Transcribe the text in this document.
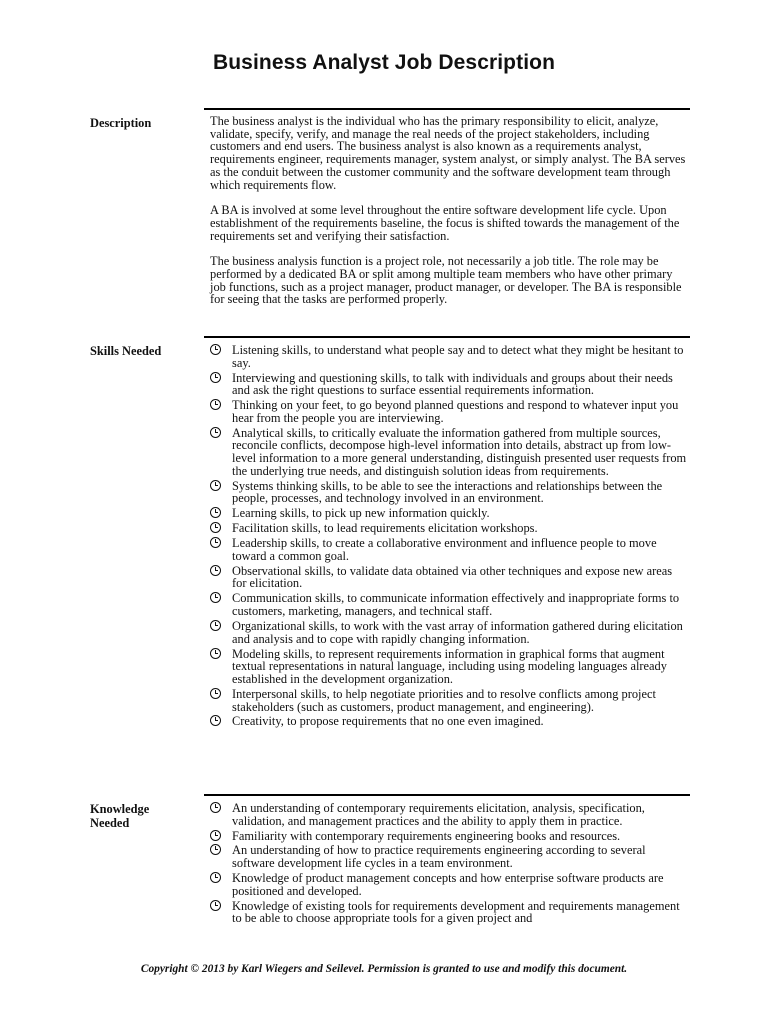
Business Analyst Job Description
Description	The business analyst is the individual who has the primary responsibility to elicit, analyze, validate, specify, verify, and manage the real needs of the project stakeholders, including customers and end users. The business analyst is also known as a requirements analyst, requirements engineer, requirements manager, system analyst, or simply analyst. The BA serves as the conduit between the customer community and the software development team through which requirements flow.

A BA is involved at some level throughout the entire software development life cycle. Upon establishment of the requirements baseline, the focus is shifted towards the management of the requirements set and verifying their satisfaction.

The business analysis function is a project role, not necessarily a job title. The role may be performed by a dedicated BA or split among multiple team members who have other primary job functions, such as a project manager, product manager, or developer. The BA is responsible for seeing that the tasks are performed properly.

Skills Needed	Listening skills, to understand what people say and to detect what they might be hesitant to say.
Interviewing and questioning skills, to talk with individuals and groups about their needs and ask the right questions to surface essential requirements information.
Thinking on your feet, to go beyond planned questions and respond to whatever input you hear from the people you are interviewing.
Analytical skills, to critically evaluate the information gathered from multiple sources, reconcile conflicts, decompose high-level information into details, abstract up from low-level information to a more general understanding, distinguish presented user requests from the underlying true needs, and distinguish solution ideas from requirements.
Systems thinking skills, to be able to see the interactions and relationships between the people, processes, and technology involved in an environment.
Learning skills, to pick up new information quickly.
Facilitation skills, to lead requirements elicitation workshops.
Leadership skills, to create a collaborative environment and influence people to move toward a common goal.
Observational skills, to validate data obtained via other techniques and expose new areas for elicitation.
Communication skills, to communicate information effectively and inappropriate forms to customers, marketing, managers, and technical staff.
Organizational skills, to work with the vast array of information gathered during elicitation and analysis and to cope with rapidly changing information.
Modeling skills, to represent requirements information in graphical forms that augment textual representations in natural language, including using modeling languages already established in the development organization.
Interpersonal skills, to help negotiate priorities and to resolve conflicts among project stakeholders (such as customers, product management, and engineering).
Creativity, to propose requirements that no one even imagined.
Knowledge
Needed
An understanding of contemporary requirements elicitation, analysis, specification, validation, and management practices and the ability to apply them in practice.
Familiarity with contemporary requirements engineering books and resources.
An understanding of how to practice requirements engineering according to several software development life cycles in a team environment.
Knowledge of product management concepts and how enterprise software products are positioned and developed.
Knowledge of existing tools for requirements development and requirements management to be able to choose appropriate tools for a given project and
Copyright © 2013 by Karl Wiegers and Seilevel. Permission is granted to use and modify this document.
